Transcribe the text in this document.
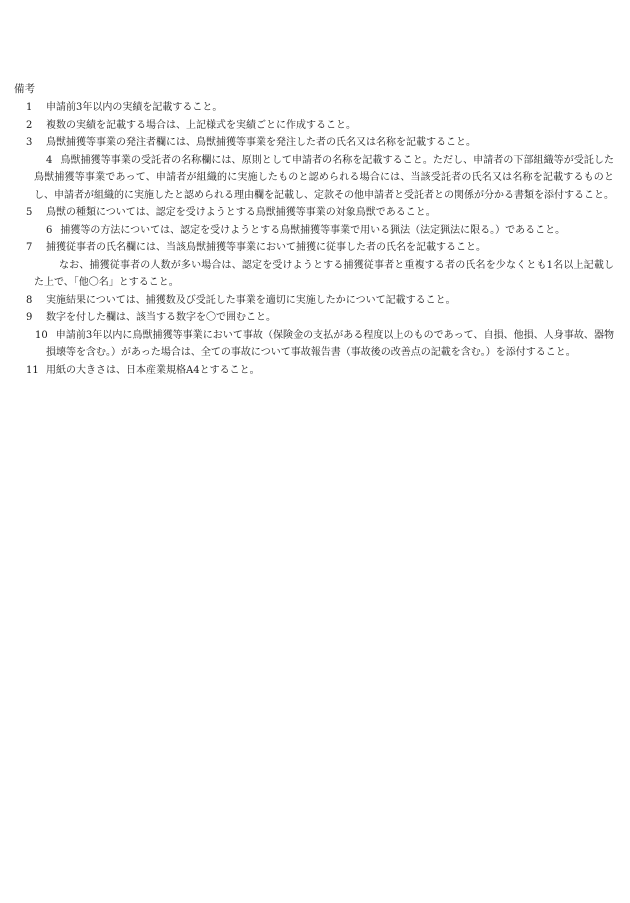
備考
1 申請前3年以内の実績を記載すること。
2 複数の実績を記載する場合は、上記様式を実績ごとに作成すること。
3 鳥獣捕獲等事業の発注者欄には、鳥獣捕獲等事業を発注した者の氏名又は名称を記載すること。
4 鳥獣捕獲等事業の受託者の名称欄には、原則として申請者の名称を記載すること。ただし、申請者の下部組織等が受託した鳥獣捕獲等事業であって、申請者が組織的に実施したものと認められる場合には、当該受託者の氏名又は名称を記載するものとし、申請者が組織的に実施したと認められる理由欄を記載し、定款その他申請者と受託者との関係が分かる書類を添付すること。
5 鳥獣の種類については、認定を受けようとする鳥獣捕獲等事業の対象鳥獣であること。
6 捕獲等の方法については、認定を受けようとする鳥獣捕獲等事業で用いる猟法（法定猟法に限る。）であること。
7 捕獲従事者の氏名欄には、当該鳥獣捕獲等事業において捕獲に従事した者の氏名を記載すること。
なお、捕獲従事者の人数が多い場合は、認定を受けようとする捕獲従事者と重複する者の氏名を少なくとも1名以上記載した上で、「他〇名」とすること。
8 実施結果については、捕獲数及び受託した事業を適切に実施したかについて記載すること。
9 数字を付した欄は、該当する数字を〇で囲むこと。
10 申請前3年以内に鳥獣捕獲等事業において事故（保険金の支払がある程度以上のものであって、自損、他損、人身事故、器物損壊等を含む。）があった場合は、全ての事故について事故報告書（事故後の改善点の記載を含む。）を添付すること。
11 用紙の大きさは、日本産業規格A4とすること。
